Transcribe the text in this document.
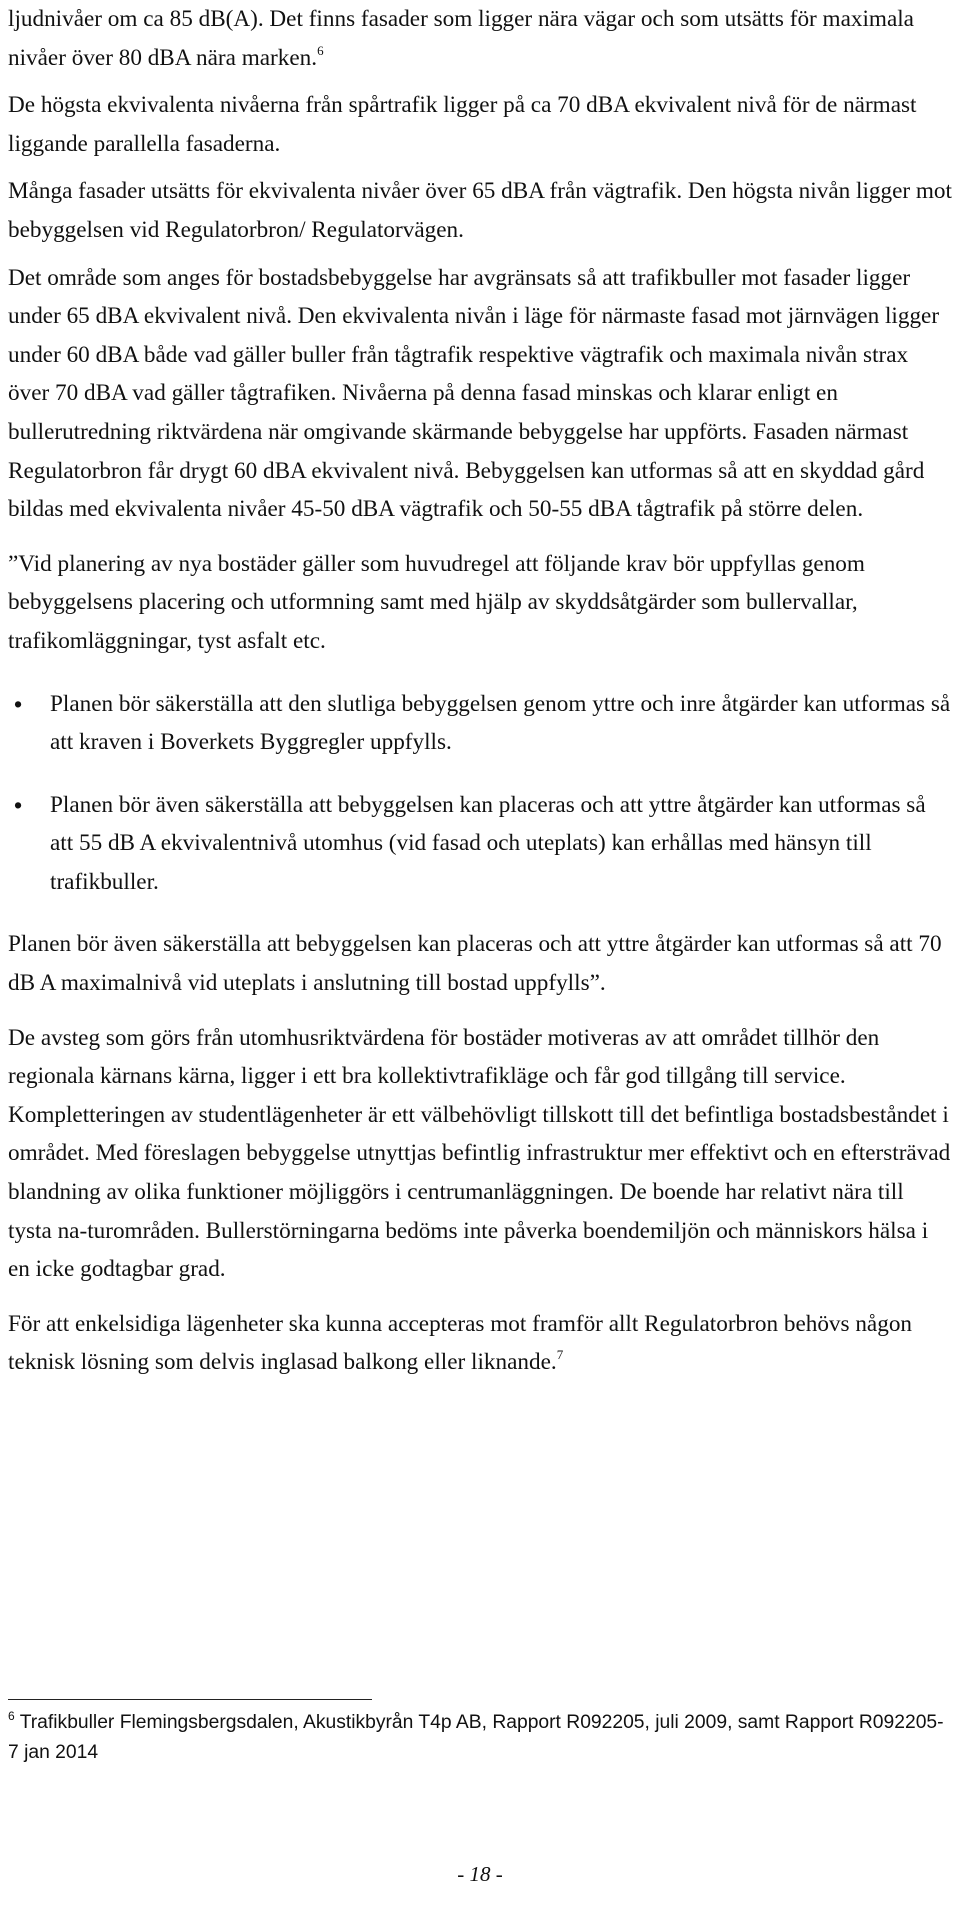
ljudnivåer om ca 85 dB(A). Det finns fasader som ligger nära vägar och som utsätts för maximala nivåer över 80 dBA nära marken.$^6$

De högsta ekvivalenta nivåerna från spårtrafik ligger på ca 70 dBA ekvivalent nivå för de närmast liggande parallella fasaderna.

Många fasader utsätts för ekvivalenta nivåer över 65 dBA från vägtrafik. Den högsta nivån ligger mot bebyggelsen vid Regulatorbron/ Regulatorvägen.

Det område som anges för bostadsbebyggelse har avgränsats så att trafikbuller mot fasader ligger under 65 dBA ekvivalent nivå. Den ekvivalenta nivån i läge för närmaste fasad mot järnvägen ligger under 60 dBA både vad gäller buller från tågtrafik respektive vägtrafik och maximala nivån strax över 70 dBA vad gäller tågtrafiken. Nivåerna på denna fasad minskas och klarar enligt en bullerutredning riktvärdena när omgivande skärmande bebyggelse har uppförts. Fasaden närmast Regulatorbron får drygt 60 dBA ekvivalent nivå. Bebyggelsen kan utformas så att en skyddad gård bildas med ekvivalenta nivåer 45-50 dBA vägtrafik och 50-55 dBA tågtrafik på större delen.

”Vid planering av nya bostäder gäller som huvudregel att följande krav bör uppfyllas genom bebyggelsens placering och utformning samt med hjälp av skyddsåtgärder som bullervallar, trafikomläggningar, tyst asfalt etc.

•	Planen bör säkerställa att den slutliga bebyggelsen genom yttre och inre åtgärder kan utformas så att kraven i Boverkets Byggregler uppfylls.
•	Planen bör även säkerställa att bebyggelsen kan placeras och att yttre åtgärder kan utformas så att 55 dB A ekvivalentnivå utomhus (vid fasad och uteplats) kan erhållas med hänsyn till trafikbuller.

Planen bör även säkerställa att bebyggelsen kan placeras och att yttre åtgärder kan utformas så att 70 dB A maximalnivå vid uteplats i anslutning till bostad uppfylls”.

De avsteg som görs från utomhusriktvärdena för bostäder motiveras av att området tillhör den regionala kärnans kärna, ligger i ett bra kollektivtrafikläge och får god tillgång till service. Kompletteringen av studentlägenheter är ett välbehövligt tillskott till det befintliga bostadsbeståndet i området. Med föreslagen bebyggelse utnyttjas befintlig infrastruktur mer effektivt och en eftersträvad blandning av olika funktioner möjliggörs i centrumanläggningen. De boende har relativt nära till tysta na-turområden. Bullerstörningarna bedöms inte påverka boendemiljön och människors hälsa i en icke godtagbar grad.

För att enkelsidiga lägenheter ska kunna accepteras mot framför allt Regulatorbron behövs någon teknisk lösning som delvis inglasad balkong eller liknande.$^7$

$^6$ Trafikbuller Flemingsbergsdalen, Akustikbyrån T4p AB, Rapport R092205, juli 2009, samt Rapport R092205-7 jan 2014
- 18 -
